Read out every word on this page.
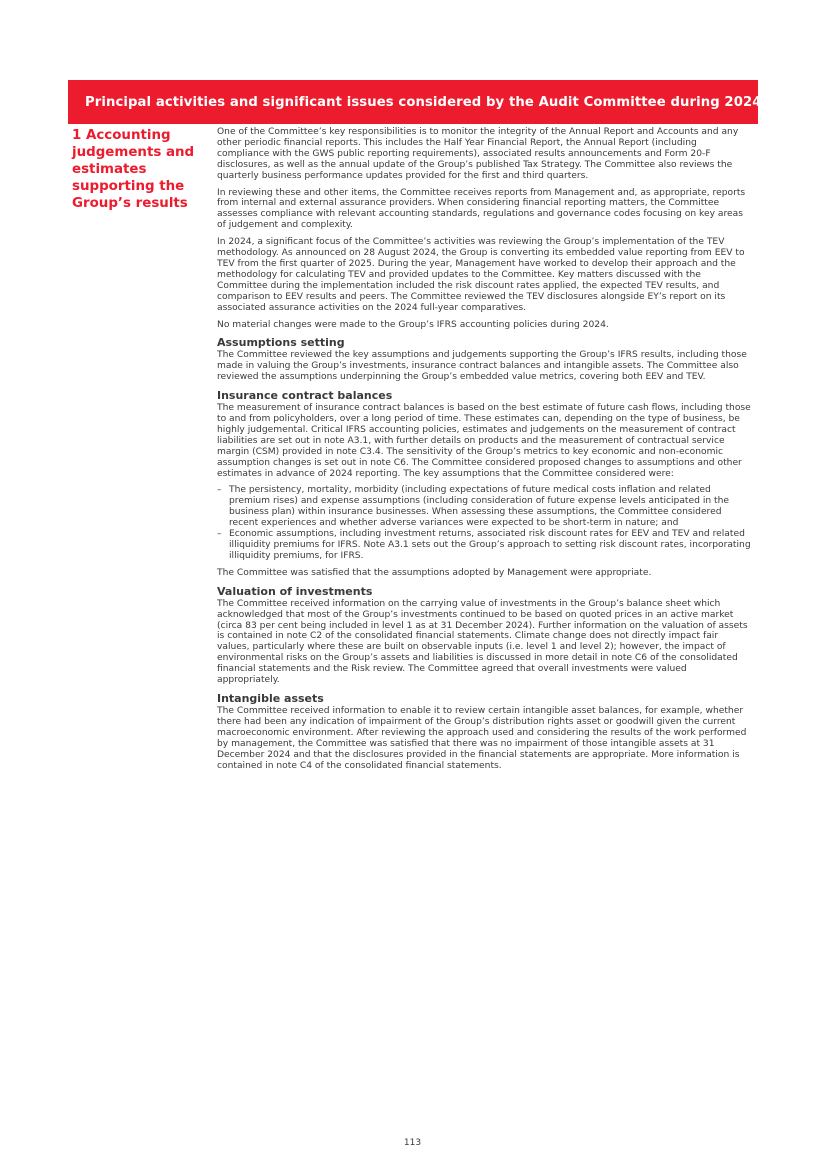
Principal activities and significant issues considered by the Audit Committee during 2024
1 Accounting judgements and estimates supporting the Group’s results

One of the Committee’s key responsibilities is to monitor the integrity of the Annual Report and Accounts and any other periodic financial reports. This includes the Half Year Financial Report, the Annual Report (including compliance with the GWS public reporting requirements), associated results announcements and Form 20-F disclosures, as well as the annual update of the Group’s published Tax Strategy. The Committee also reviews the quarterly business performance updates provided for the first and third quarters.

In reviewing these and other items, the Committee receives reports from Management and, as appropriate, reports from internal and external assurance providers. When considering financial reporting matters, the Committee assesses compliance with relevant accounting standards, regulations and governance codes focusing on key areas of judgement and complexity.

In 2024, a significant focus of the Committee’s activities was reviewing the Group’s implementation of the TEV methodology. As announced on 28 August 2024, the Group is converting its embedded value reporting from EEV to TEV from the first quarter of 2025. During the year, Management have worked to develop their approach and the methodology for calculating TEV and provided updates to the Committee. Key matters discussed with the Committee during the implementation included the risk discount rates applied, the expected TEV results, and comparison to EEV results and peers. The Committee reviewed the TEV disclosures alongside EY’s report on its associated assurance activities on the 2024 full-year comparatives.

No material changes were made to the Group’s IFRS accounting policies during 2024.

Assumptions setting

The Committee reviewed the key assumptions and judgements supporting the Group’s IFRS results, including those made in valuing the Group’s investments, insurance contract balances and intangible assets. The Committee also reviewed the assumptions underpinning the Group’s embedded value metrics, covering both EEV and TEV.

Insurance contract balances

The measurement of insurance contract balances is based on the best estimate of future cash flows, including those to and from policyholders, over a long period of time. These estimates can, depending on the type of business, be highly judgemental. Critical IFRS accounting policies, estimates and judgements on the measurement of contract liabilities are set out in note A3.1, with further details on products and the measurement of contractual service margin (CSM) provided in note C3.4. The sensitivity of the Group’s metrics to key economic and non-economic assumption changes is set out in note C6. The Committee considered proposed changes to assumptions and other estimates in advance of 2024 reporting. The key assumptions that the Committee considered were:

– The persistency, mortality, morbidity (including expectations of future medical costs inflation and related premium rises) and expense assumptions (including consideration of future expense levels anticipated in the business plan) within insurance businesses. When assessing these assumptions, the Committee considered recent experiences and whether adverse variances were expected to be short-term in nature; and
– Economic assumptions, including investment returns, associated risk discount rates for EEV and TEV and related illiquidity premiums for IFRS. Note A3.1 sets out the Group’s approach to setting risk discount rates, incorporating illiquidity premiums, for IFRS.

The Committee was satisfied that the assumptions adopted by Management were appropriate.

Valuation of investments

The Committee received information on the carrying value of investments in the Group’s balance sheet which acknowledged that most of the Group’s investments continued to be based on quoted prices in an active market (circa 83 per cent being included in level 1 as at 31 December 2024). Further information on the valuation of assets is contained in note C2 of the consolidated financial statements. Climate change does not directly impact fair values, particularly where these are built on observable inputs (i.e. level 1 and level 2); however, the impact of environmental risks on the Group’s assets and liabilities is discussed in more detail in note C6 of the consolidated financial statements and the Risk review. The Committee agreed that overall investments were valued appropriately.

Intangible assets

The Committee received information to enable it to review certain intangible asset balances, for example, whether there had been any indication of impairment of the Group’s distribution rights asset or goodwill given the current macroeconomic environment. After reviewing the approach used and considering the results of the work performed by management, the Committee was satisfied that there was no impairment of those intangible assets at 31 December 2024 and that the disclosures provided in the financial statements are appropriate. More information is contained in note C4 of the consolidated financial statements.

113
